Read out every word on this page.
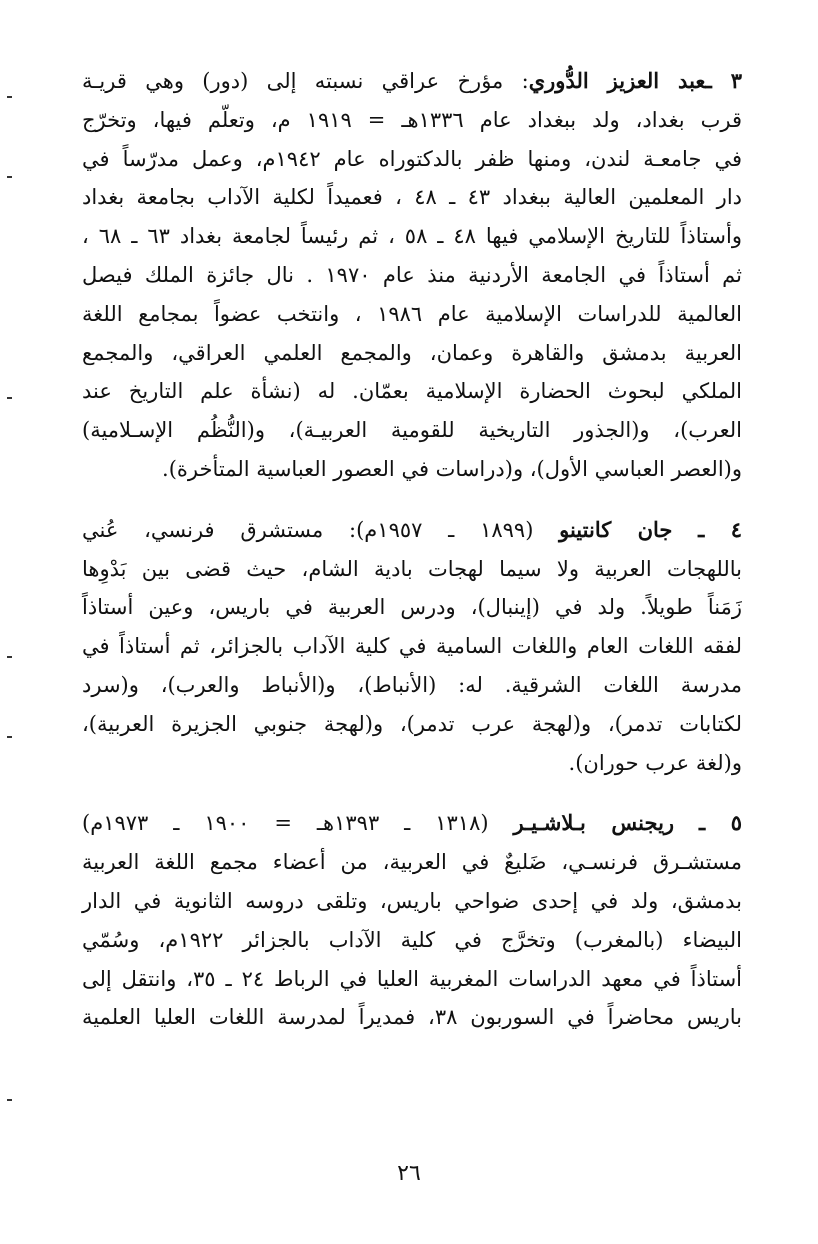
٣ ـعبد العزيز الدُّوري: مؤرخ عراقي نسبته إلى (دور) وهي قريـة
قرب بغداد، ولد ببغداد عام ١٣٣٦هـ = ١٩١٩ م، وتعلّم فيها، وتخرّج
في جامعـة لندن، ومنها ظفر بالدكتوراه عام ١٩٤٢م، وعمل مدرّساً في
دار المعلمين العالية ببغداد ٤٣ ـ ٤٨ ، فعميداً لكلية الآداب بجامعة بغداد
وأستاذاً للتاريخ الإسلامي فيها ٤٨ ـ ٥٨ ، ثم رئيساً لجامعة بغداد ٦٣ ـ ٦٨ ،
ثم أستاذاً في الجامعة الأردنية منذ عام ١٩٧٠ . نال جائزة الملك فيصل
العالمية للدراسات الإسلامية عام ١٩٨٦ ، وانتخب عضواً بمجامع اللغة
العربية بدمشق والقاهرة وعمان، والمجمع العلمي العراقي، والمجمع
الملكي لبحوث الحضارة الإسلامية بعمّان. له (نشأة علم التاريخ عند
العرب)، و(الجذور التاريخية للقومية العربيـة)، و(النُّظُم الإسـلامية)
و(العصر العباسي الأول)، و(دراسات في العصور العباسية المتأخرة).
٤ ـ جان كانتينو (١٨٩٩ ـ ١٩٥٧م): مستشرق فرنسي، عُني
باللهجات العربية ولا سيما لهجات بادية الشام، حيث قضى بين بَدْوِها
زَمَناً طويلاً. ولد في (إينبال)، ودرس العربية في باريس، وعين أستاذاً
لفقه اللغات العام واللغات السامية في كلية الآداب بالجزائر، ثم أستاذاً في
مدرسة اللغات الشرقية. له: (الأنباط)، و(الأنباط والعرب)، و(سرد
لكتابات تدمر)، و(لهجة عرب تدمر)، و(لهجة جنوبي الجزيرة العربية)،
و(لغة عرب حوران).
٥ ـ ريجنس بـلاشـيـر (١٣١٨ ـ ١٣٩٣هـ = ١٩٠٠ ـ ١٩٧٣م)
مستشـرق فرنسـي، ضَليعٌ في العربية، من أعضاء مجمع اللغة العربية
بدمشق، ولد في إحدى ضواحي باريس، وتلقى دروسه الثانوية في الدار
البيضاء (بالمغرب) وتخرَّج في كلية الآداب بالجزائر ١٩٢٢م، وسُمّي
أستاذاً في معهد الدراسات المغربية العليا في الرباط ٢٤ ـ ٣٥، وانتقل إلى
باريس محاضراً في السوربون ٣٨، فمديراً لمدرسة اللغات العليا العلمية
٢٦
